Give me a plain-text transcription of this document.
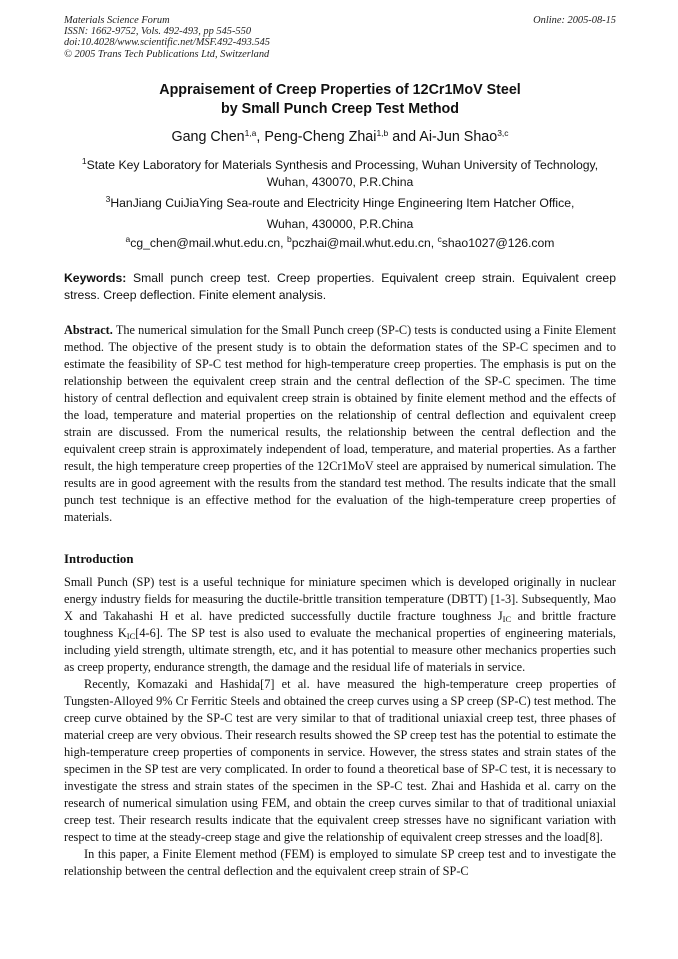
Materials Science Forum
ISSN: 1662-9752, Vols. 492-493, pp 545-550
doi:10.4028/www.scientific.net/MSF.492-493.545
© 2005 Trans Tech Publications Ltd, Switzerland
Online: 2005-08-15
Appraisement of Creep Properties of 12Cr1MoV Steel
by Small Punch Creep Test Method
Gang Chen$^{1,a}$, Peng-Cheng Zhai$^{1,b}$ and Ai-Jun Shao$^{3,c}$
$^1$State Key Laboratory for Materials Synthesis and Processing, Wuhan University of Technology,
Wuhan, 430070, P.R.China
$^3$HanJiang CuiJiaYing Sea-route and Electricity Hinge Engineering Item Hatcher Office,
Wuhan, 430000, P.R.China
$^a$cg_chen@mail.whut.edu.cn, $^b$pczhai@mail.whut.edu.cn, $^c$shao1027@126.com
Keywords: Small punch creep test. Creep properties. Equivalent creep strain. Equivalent creep stress. Creep deflection. Finite element analysis.
Abstract. The numerical simulation for the Small Punch creep (SP-C) tests is conducted using a Finite Element method. The objective of the present study is to obtain the deformation states of the SP-C specimen and to estimate the feasibility of SP-C test method for high-temperature creep properties. The emphasis is put on the relationship between the equivalent creep strain and the central deflection of the SP-C specimen. The time history of central deflection and equivalent creep strain is obtained by finite element method and the effects of the load, temperature and material properties on the relationship of central deflection and equivalent creep strain are discussed. From the numerical results, the relationship between the central deflection and the equivalent creep strain is approximately independent of load, temperature, and material properties. As a farther result, the high temperature creep properties of the 12Cr1MoV steel are appraised by numerical simulation. The results are in good agreement with the results from the standard test method. The results indicate that the small punch test technique is an effective method for the evaluation of the high-temperature creep properties of materials.
Introduction

Small Punch (SP) test is a useful technique for miniature specimen which is developed originally in nuclear energy industry fields for measuring the ductile-brittle transition temperature (DBTT) [1-3]. Subsequently, Mao X and Takahashi H et al. have predicted successfully ductile fracture toughness $J_{IC}$ and brittle fracture toughness $K_{IC}[4-6]$. The SP test is also used to evaluate the mechanical properties of engineering materials, including yield strength, ultimate strength, etc, and it has potential to measure other mechanics properties such as creep property, endurance strength, the damage and the residual life of materials in service.

Recently, Komazaki and Hashida[7] et al. have measured the high-temperature creep properties of Tungsten-Alloyed 9% Cr Ferritic Steels and obtained the creep curves using a SP creep (SP-C) test method. The creep curve obtained by the SP-C test are very similar to that of traditional uniaxial creep test, three phases of material creep are very obvious. Their research results showed the SP creep test has the potential to estimate the high-temperature creep properties of components in service. However, the stress states and strain states of the specimen in the SP test are very complicated. In order to found a theoretical base of SP-C test, it is necessary to investigate the stress and strain states of the specimen in the SP-C test. Zhai and Hashida et al. carry on the research of numerical simulation using FEM, and obtain the creep curves similar to that of traditional uniaxial creep test. Their research results indicate that the equivalent creep stresses have no significant variation with respect to time at the steady-creep stage and give the relationship of equivalent creep stresses and the load[8].

In this paper, a Finite Element method (FEM) is employed to simulate SP creep test and to investigate the relationship between the central deflection and the equivalent creep strain of SP-C
